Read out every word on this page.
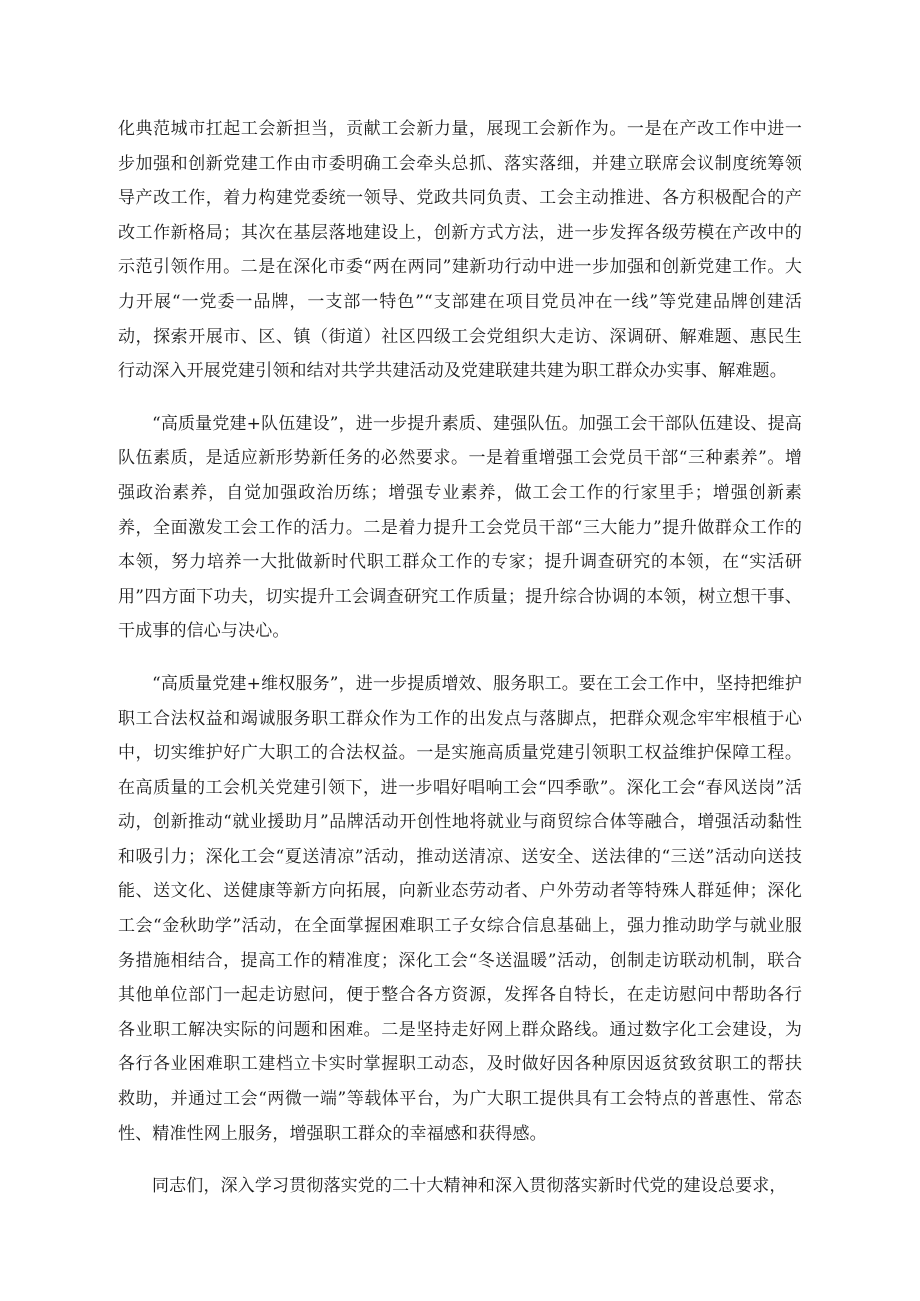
化典范城市扛起工会新担当，贡献工会新力量，展现工会新作为。一是在产改工作中进一步加强和创新党建工作由市委明确工会牵头总抓、落实落细，并建立联席会议制度统筹领导产改工作，着力构建党委统一领导、党政共同负责、工会主动推进、各方积极配合的产改工作新格局；其次在基层落地建设上，创新方式方法，进一步发挥各级劳模在产改中的示范引领作用。二是在深化市委“两在两同”建新功行动中进一步加强和创新党建工作。大力开展“一党委一品牌，一支部一特色”“支部建在项目党员冲在一线”等党建品牌创建活动，探索开展市、区、镇（街道）社区四级工会党组织大走访、深调研、解难题、惠民生行动深入开展党建引领和结对共学共建活动及党建联建共建为职工群众办实事、解难题。

“高质量党建+队伍建设”，进一步提升素质、建强队伍。加强工会干部队伍建设、提高队伍素质，是适应新形势新任务的必然要求。一是着重增强工会党员干部“三种素养”。增强政治素养，自觉加强政治历练；增强专业素养，做工会工作的行家里手；增强创新素养，全面激发工会工作的活力。二是着力提升工会党员干部“三大能力”提升做群众工作的本领，努力培养一大批做新时代职工群众工作的专家；提升调查研究的本领，在“实活研用”四方面下功夫，切实提升工会调查研究工作质量；提升综合协调的本领，树立想干事、干成事的信心与决心。

“高质量党建+维权服务”，进一步提质增效、服务职工。要在工会工作中，坚持把维护职工合法权益和竭诚服务职工群众作为工作的出发点与落脚点，把群众观念牢牢根植于心中，切实维护好广大职工的合法权益。一是实施高质量党建引领职工权益维护保障工程。在高质量的工会机关党建引领下，进一步唱好唱响工会“四季歌”。深化工会“春风送岗”活动，创新推动“就业援助月”品牌活动开创性地将就业与商贸综合体等融合，增强活动黏性和吸引力；深化工会“夏送清凉”活动，推动送清凉、送安全、送法律的“三送”活动向送技能、送文化、送健康等新方向拓展，向新业态劳动者、户外劳动者等特殊人群延伸；深化工会“金秋助学”活动，在全面掌握困难职工子女综合信息基础上，强力推动助学与就业服务措施相结合，提高工作的精准度；深化工会“冬送温暖”活动，创制走访联动机制，联合其他单位部门一起走访慰问，便于整合各方资源，发挥各自特长，在走访慰问中帮助各行各业职工解决实际的问题和困难。二是坚持走好网上群众路线。通过数字化工会建设，为各行各业困难职工建档立卡实时掌握职工动态，及时做好因各种原因返贫致贫职工的帮扶救助，并通过工会“两微一端”等载体平台，为广大职工提供具有工会特点的普惠性、常态性、精准性网上服务，增强职工群众的幸福感和获得感。

同志们，深入学习贯彻落实党的二十大精神和深入贯彻落实新时代党的建设总要求，
